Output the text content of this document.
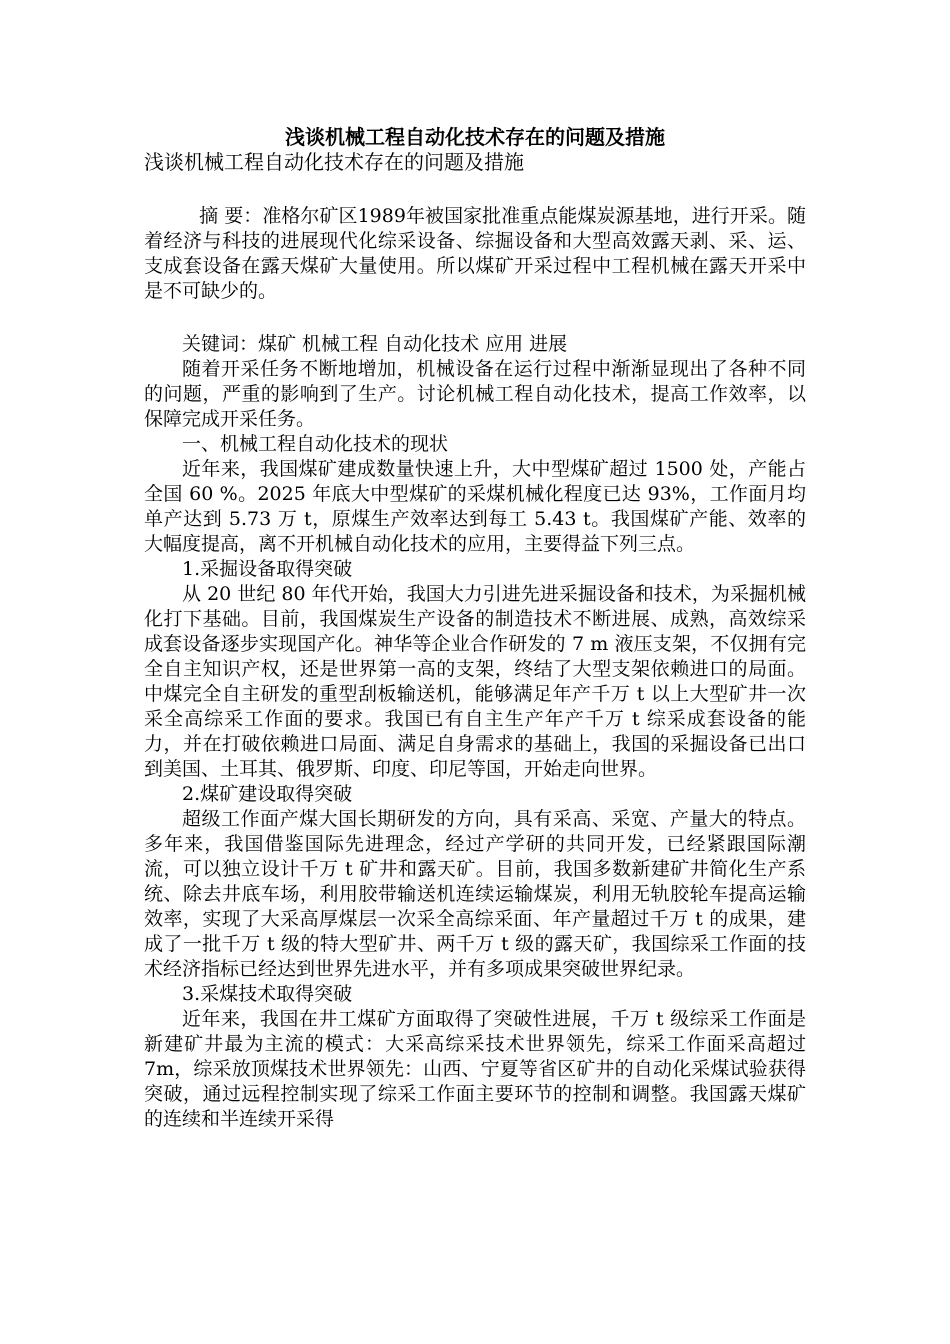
浅谈机械工程自动化技术存在的问题及措施
浅谈机械工程自动化技术存在的问题及措施

摘 要：准格尔矿区1989年被国家批准重点能煤炭源基地，进行开采。随着经济与科技的进展现代化综采设备、综掘设备和大型高效露天剥、采、运、支成套设备在露天煤矿大量使用。所以煤矿开采过程中工程机械在露天开采中是不可缺少的。

关键词：煤矿 机械工程 自动化技术 应用 进展

随着开采任务不断地增加，机械设备在运行过程中渐渐显现出了各种不同的问题，严重的影响到了生产。讨论机械工程自动化技术，提高工作效率，以保障完成开采任务。

一、机械工程自动化技术的现状

近年来，我国煤矿建成数量快速上升，大中型煤矿超过 1500 处，产能占全国 60 %。2025 年底大中型煤矿的采煤机械化程度已达 93%，工作面月均单产达到 5.73 万 t，原煤生产效率达到每工 5.43 t。我国煤矿产能、效率的大幅度提高，离不开机械自动化技术的应用，主要得益下列三点。

1.采掘设备取得突破

从 20 世纪 80 年代开始，我国大力引进先进采掘设备和技术，为采掘机械化打下基础。目前，我国煤炭生产设备的制造技术不断进展、成熟，高效综采成套设备逐步实现国产化。神华等企业合作研发的 7 m 液压支架，不仅拥有完全自主知识产权，还是世界第一高的支架，终结了大型支架依赖进口的局面。中煤完全自主研发的重型刮板输送机，能够满足年产千万 t 以上大型矿井一次采全高综采工作面的要求。我国已有自主生产年产千万 t 综采成套设备的能力，并在打破依赖进口局面、满足自身需求的基础上，我国的采掘设备已出口到美国、土耳其、俄罗斯、印度、印尼等国，开始走向世界。

2.煤矿建设取得突破

超级工作面产煤大国长期研发的方向，具有采高、采宽、产量大的特点。多年来，我国借鉴国际先进理念，经过产学研的共同开发，已经紧跟国际潮流，可以独立设计千万 t 矿井和露天矿。目前，我国多数新建矿井简化生产系统、除去井底车场，利用胶带输送机连续运输煤炭，利用无轨胶轮车提高运输效率，实现了大采高厚煤层一次采全高综采面、年产量超过千万 t 的成果，建成了一批千万 t 级的特大型矿井、两千万 t 级的露天矿，我国综采工作面的技术经济指标已经达到世界先进水平，并有多项成果突破世界纪录。

3.采煤技术取得突破

近年来，我国在井工煤矿方面取得了突破性进展，千万 t 级综采工作面是新建矿井最为主流的模式：大采高综采技术世界领先，综采工作面采高超过 7m，综采放顶煤技术世界领先：山西、宁夏等省区矿井的自动化采煤试验获得突破，通过远程控制实现了综采工作面主要环节的控制和调整。我国露天煤矿的连续和半连续开采得
